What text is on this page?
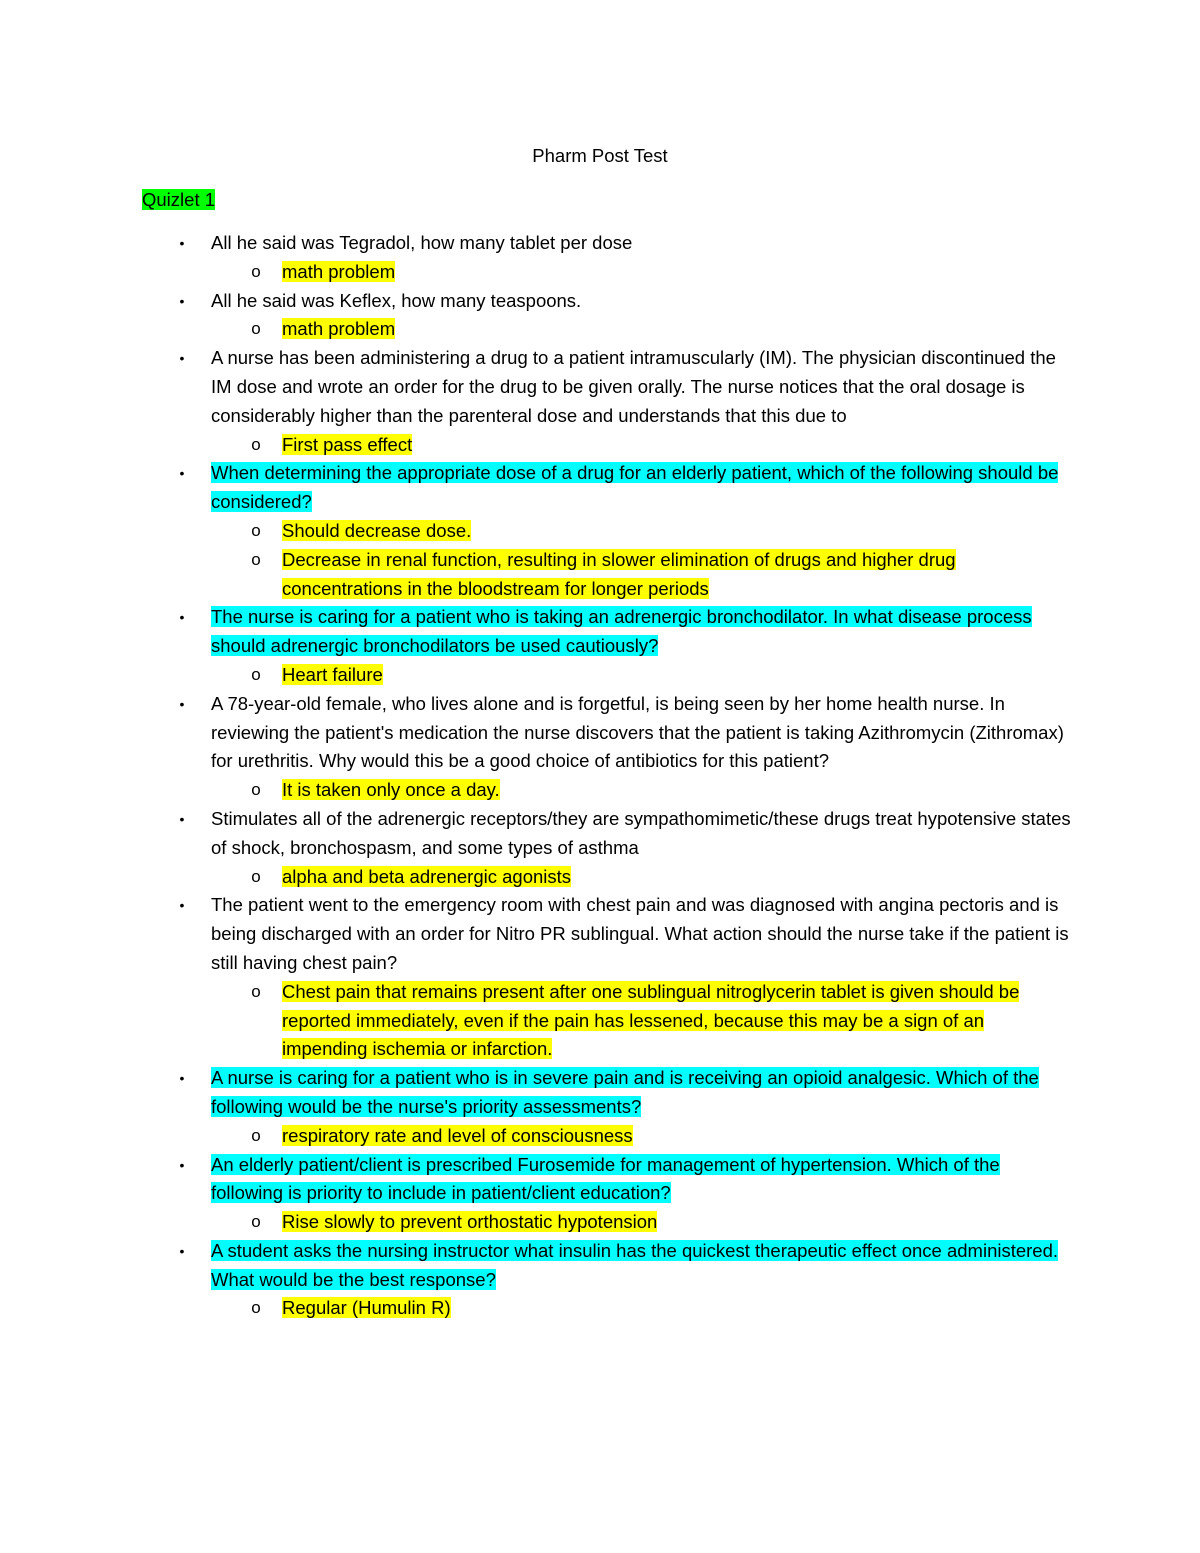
Pharm Post Test
Quizlet 1
• All he said was Tegradol, how many tablet per dose
o math problem
• All he said was Keflex, how many teaspoons.
o math problem
• A nurse has been administering a drug to a patient intramuscularly (IM). The physician discontinued the IM dose and wrote an order for the drug to be given orally. The nurse notices that the oral dosage is considerably higher than the parenteral dose and understands that this due to
o First pass effect
• When determining the appropriate dose of a drug for an elderly patient, which of the following should be considered?
o Should decrease dose.
o Decrease in renal function, resulting in slower elimination of drugs and higher drug concentrations in the bloodstream for longer periods
• The nurse is caring for a patient who is taking an adrenergic bronchodilator. In what disease process should adrenergic bronchodilators be used cautiously?
o Heart failure
• A 78-year-old female, who lives alone and is forgetful, is being seen by her home health nurse. In reviewing the patient's medication the nurse discovers that the patient is taking Azithromycin (Zithromax) for urethritis. Why would this be a good choice of antibiotics for this patient?
o It is taken only once a day.
• Stimulates all of the adrenergic receptors/they are sympathomimetic/these drugs treat hypotensive states of shock, bronchospasm, and some types of asthma
o alpha and beta adrenergic agonists
• The patient went to the emergency room with chest pain and was diagnosed with angina pectoris and is being discharged with an order for Nitro PR sublingual. What action should the nurse take if the patient is still having chest pain?
o Chest pain that remains present after one sublingual nitroglycerin tablet is given should be reported immediately, even if the pain has lessened, because this may be a sign of an impending ischemia or infarction.
• A nurse is caring for a patient who is in severe pain and is receiving an opioid analgesic. Which of the following would be the nurse's priority assessments?
o respiratory rate and level of consciousness
• An elderly patient/client is prescribed Furosemide for management of hypertension. Which of the following is priority to include in patient/client education?
o Rise slowly to prevent orthostatic hypotension
• A student asks the nursing instructor what insulin has the quickest therapeutic effect once administered. What would be the best response?
o Regular (Humulin R)
